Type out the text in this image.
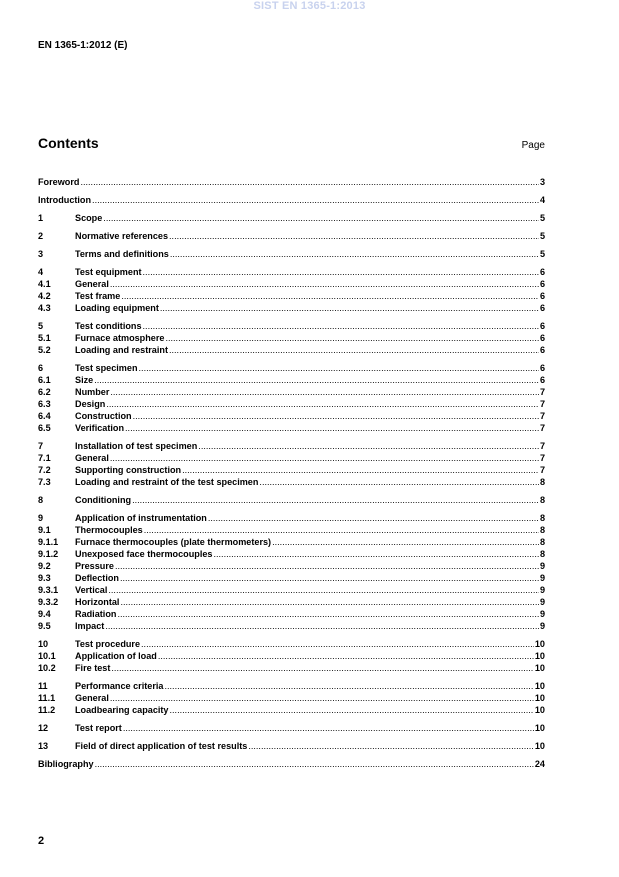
SIST EN 1365-1:2013
EN 1365-1:2012 (E)
Contents	Page
Foreword .....	3
Introduction .....	4
1	Scope .....	5
2	Normative references .....	5
3	Terms and definitions .....	5
4	Test equipment .....	6
4.1	General .....	6
4.2	Test frame .....	6
4.3	Loading equipment .....	6
5	Test conditions .....	6
5.1	Furnace atmosphere .....	6
5.2	Loading and restraint .....	6
6	Test specimen .....	6
6.1	Size .....	6
6.2	Number .....	7
6.3	Design .....	7
6.4	Construction .....	7
6.5	Verification .....	7
7	Installation of test specimen .....	7
7.1	General .....	7
7.2	Supporting construction .....	7
7.3	Loading and restraint of the test specimen .....	8
8	Conditioning .....	8
9	Application of instrumentation .....	8
9.1	Thermocouples .....	8
9.1.1	Furnace thermocouples (plate thermometers) .....	8
9.1.2	Unexposed face thermocouples .....	8
9.2	Pressure .....	9
9.3	Deflection .....	9
9.3.1	Vertical .....	9
9.3.2	Horizontal .....	9
9.4	Radiation .....	9
9.5	Impact .....	9
10	Test procedure .....	10
10.1	Application of load .....	10
10.2	Fire test .....	10
11	Performance criteria .....	10
11.1	General .....	10
11.2	Loadbearing capacity .....	10
12	Test report .....	10
13	Field of direct application of test results .....	10
Bibliography .....	24
2
